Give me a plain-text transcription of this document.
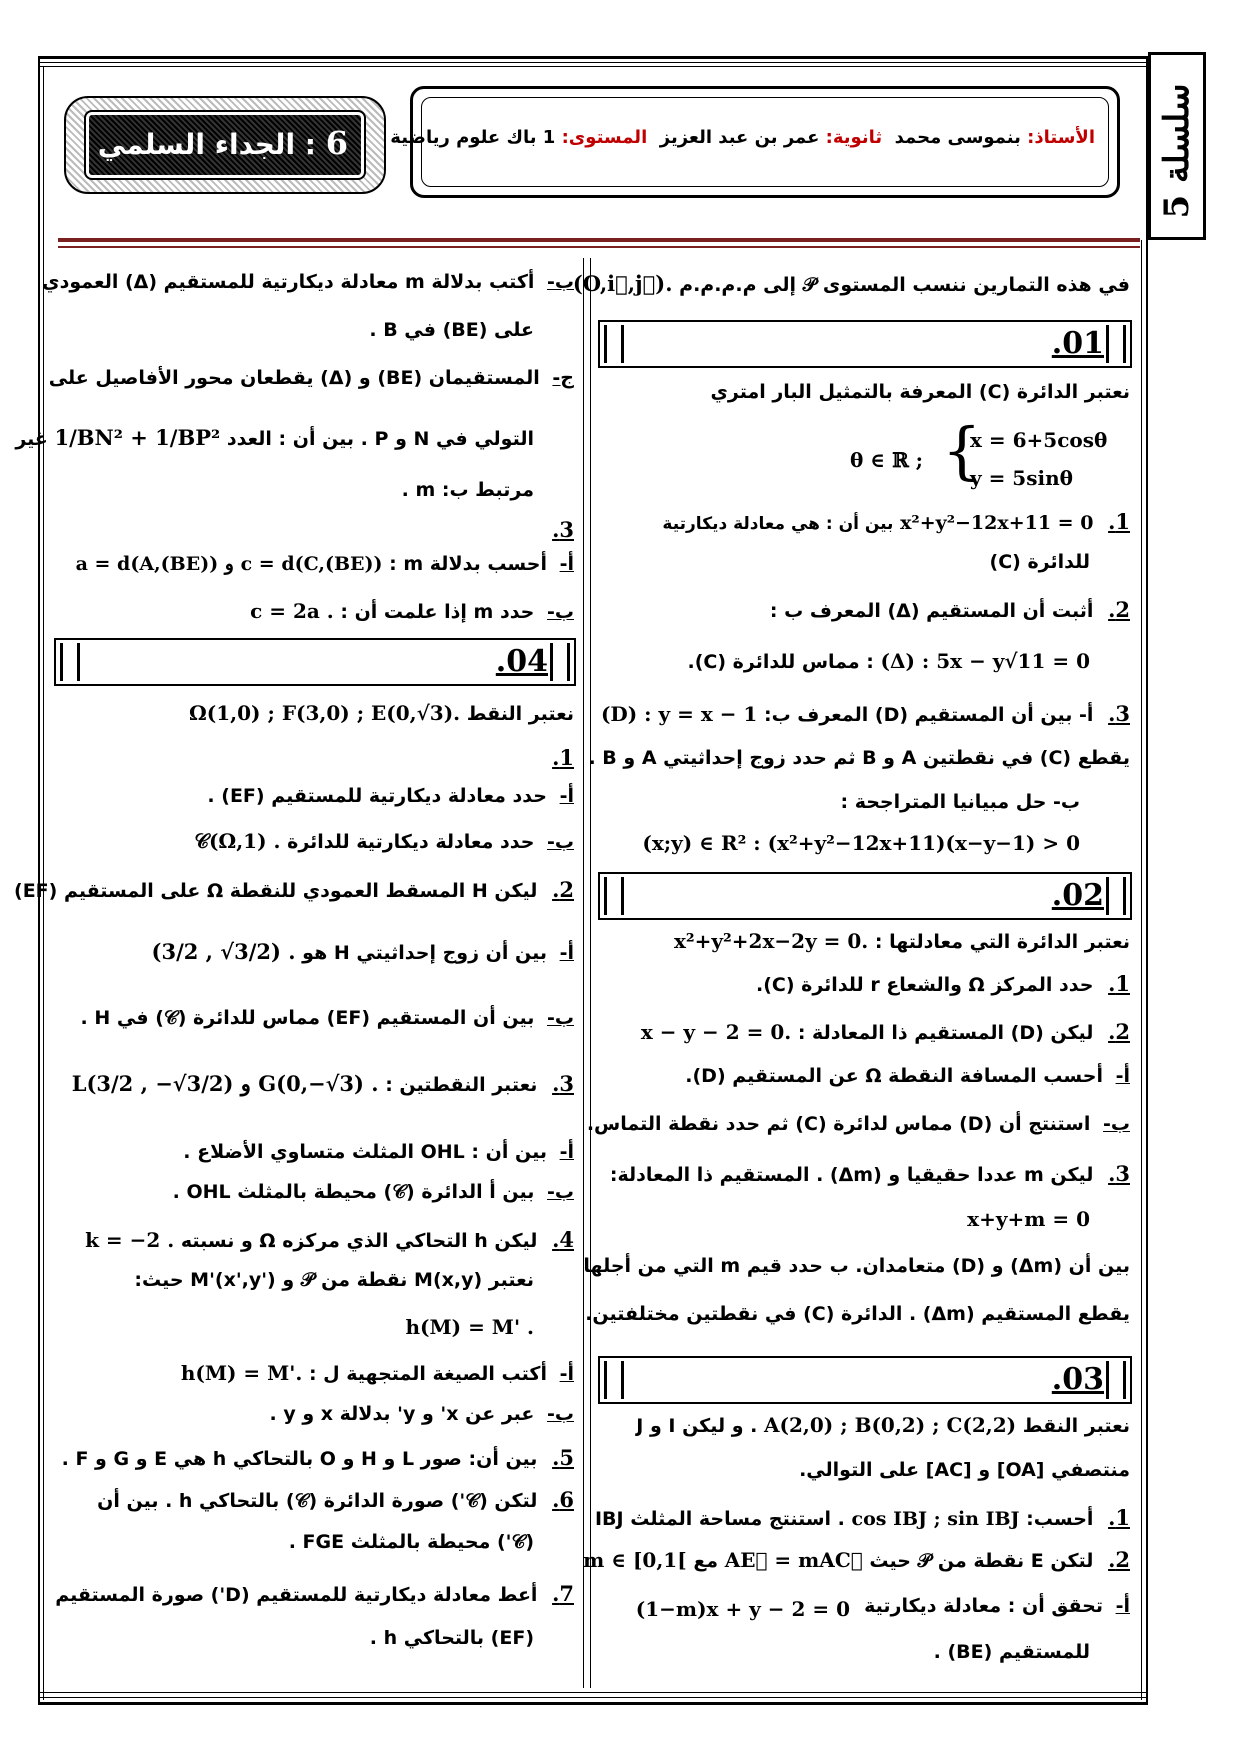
سلسلة 5
6 : الجداء السلمي	الأستاذ: بنموسى محمد  ثانوية: عمر بن عبد العزيز  المستوى: 1 باك علوم رياضية
في هذه التمارين ننسب المستوى 𝒫 إلى م.م.م.م (O,i⃗,j⃗).
.01
نعتبر الدائرة (C) المعرفة بالتمثيل البار امتري
θ ∈ ℝ ; {
x = 6+5cosθ
y = 5sinθ
1. x²+y²−12x+11 = 0 بين أن : هي معادلة ديكارتية
للدائرة (C)
2. أثبت أن المستقيم (Δ) المعرف ب :
(Δ) : 5x − y√11 = 0 : مماس للدائرة (C).
3. أ- بين أن المستقيم (D) المعرف ب: (D) : y = x − 1
يقطع (C) في نقطتين A و B ثم حدد زوج إحداثيتي A و B .
ب- حل مبيانيا المتراجحة :
(x;y) ∈ R² : (x²+y²−12x+11)(x−y−1) > 0
.02
نعتبر الدائرة التي معادلتها : x²+y²+2x−2y = 0.
1. حدد المركز Ω والشعاع r للدائرة (C).
2. ليكن (D) المستقيم ذا المعادلة : x − y − 2 = 0.
أ- أحسب المسافة النقطة Ω عن المستقيم (D).
ب- استنتج أن (D) مماس لدائرة (C) ثم حدد نقطة التماس.
3. ليكن m عددا حقيقيا و (Δm) . المستقيم ذا المعادلة:
x+y+m = 0
بين أن (Δm) و (D) متعامدان. ب حدد قيم m التي من أجلها
يقطع المستقيم (Δm) . الدائرة (C) في نقطتين مختلفتين.
.03
نعتبر النقط A(2,0) ; B(0,2) ; C(2,2) . و ليكن I و J
منتصفي [OA] و [AC] على التوالي.
1. أحسب: cos IBJ ; sin IBJ . استنتج مساحة المثلث IBJ
2. لتكن E نقطة من 𝒫 حيث AE⃗ = mAC⃗ مع m ∈ [0,1[
أ- تحقق أن : معادلة ديكارتية
(1−m)x + y − 2 = 0
للمستقيم (BE) .
ب- أكتب بدلالة m معادلة ديكارتية للمستقيم (Δ) العمودي
على (BE) في B .
ج- المستقيمان (BE) و (Δ) يقطعان محور الأفاصيل على
التولي في N و P . بين أن : العدد 1/BN² + 1/BP² غير
مرتبط ب: m .
3.
أ- أحسب بدلالة m : a = d(A,(BE)) و c = d(C,(BE))
ب- حدد m إذا علمت أن : c = 2a .
.04
نعتبر النقط Ω(1,0) ; F(3,0) ; E(0,√3).
1.
أ- حدد معادلة ديكارتية للمستقيم (EF) .
ب- حدد معادلة ديكارتية للدائرة 𝒞(Ω,1) .
2. ليكن H المسقط العمودي للنقطة Ω على المستقيم (EF)
أ- بين أن زوج إحداثيتي H هو (3/2 , √3/2) .
ب- بين أن المستقيم (EF) مماس للدائرة (𝒞) في H .
3. نعتبر النقطتين : L(3/2 , −√3/2) و G(0,−√3) .
أ- بين أن : OHL المثلث متساوي الأضلاع .
ب- بين أ الدائرة (𝒞) محيطة بالمثلث OHL .
4. ليكن h التحاكي الذي مركزه Ω و نسبته k = −2 .
نعتبر M(x,y) نقطة من 𝒫 و M'(x',y') حيث:
h(M) = M' .
أ- أكتب الصيغة المتجهية ل : h(M) = M'.
ب- عبر عن x' و y' بدلالة x و y .
5. بين أن: صور L و H و O بالتحاكي h هي E و G و F .
6. لتكن (𝒞') صورة الدائرة (𝒞) بالتحاكي h . بين أن
(𝒞') محيطة بالمثلث FGE .
7. أعط معادلة ديكارتية للمستقيم (D') صورة المستقيم
(EF) بالتحاكي h .
